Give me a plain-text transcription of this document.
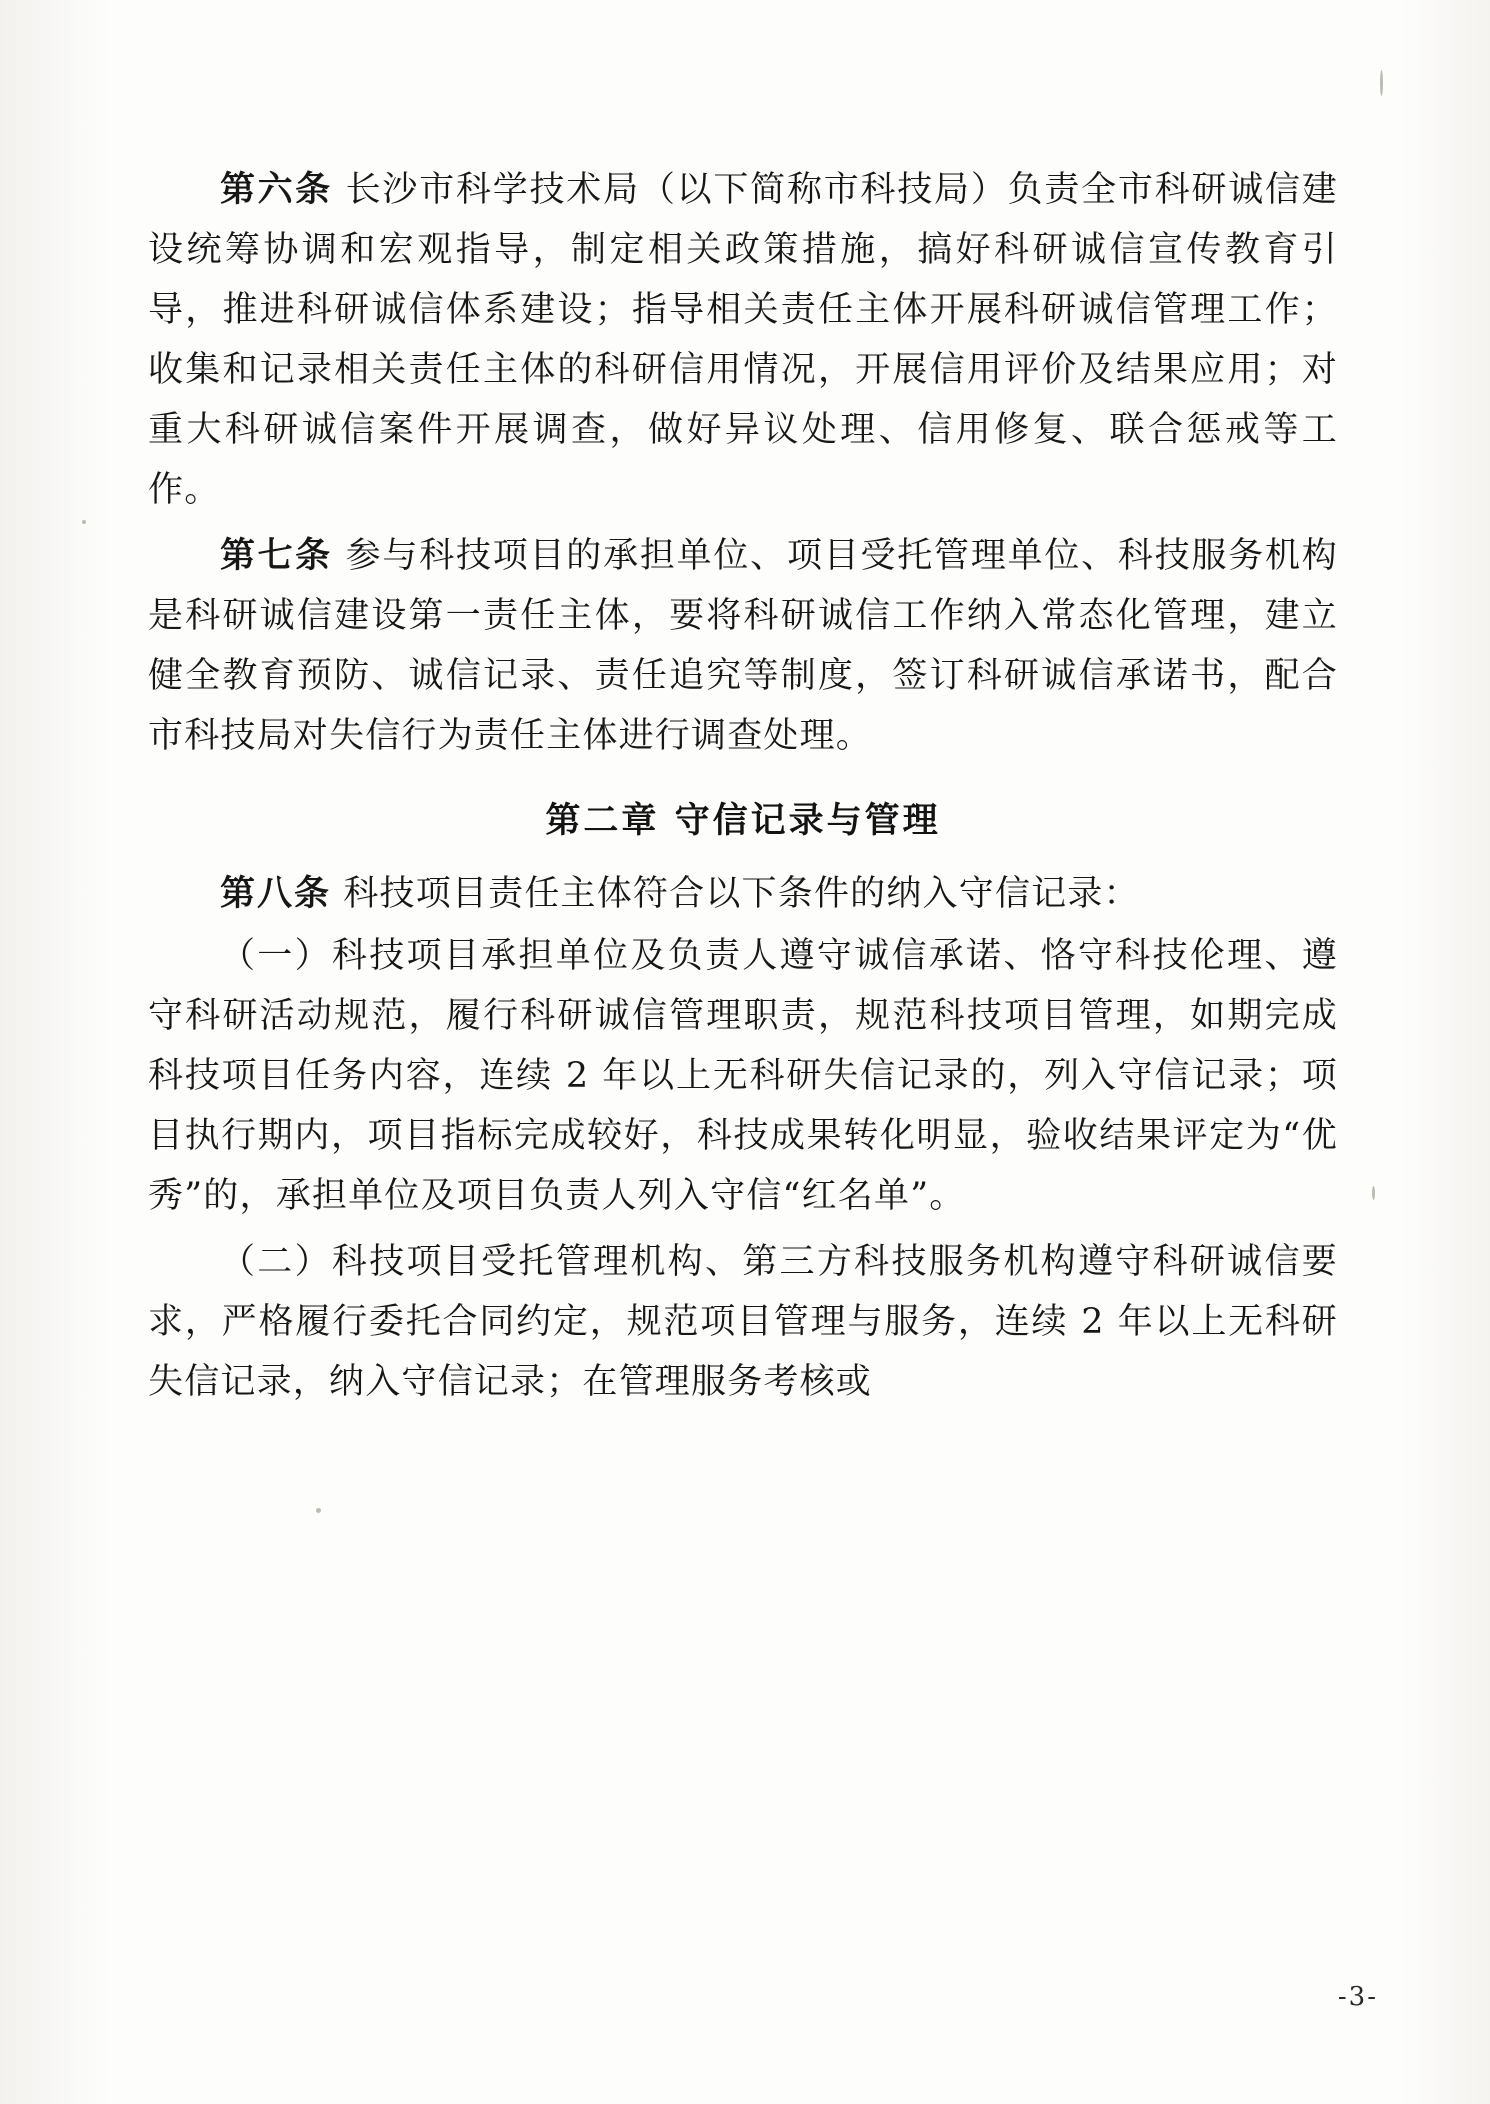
第六条 长沙市科学技术局（以下简称市科技局）负责全市科研诚信建设统筹协调和宏观指导，制定相关政策措施，搞好科研诚信宣传教育引导，推进科研诚信体系建设；指导相关责任主体开展科研诚信管理工作；收集和记录相关责任主体的科研信用情况，开展信用评价及结果应用；对重大科研诚信案件开展调查，做好异议处理、信用修复、联合惩戒等工作。

第七条 参与科技项目的承担单位、项目受托管理单位、科技服务机构是科研诚信建设第一责任主体，要将科研诚信工作纳入常态化管理，建立健全教育预防、诚信记录、责任追究等制度，签订科研诚信承诺书，配合市科技局对失信行为责任主体进行调查处理。

第二章 守信记录与管理

第八条 科技项目责任主体符合以下条件的纳入守信记录：

（一）科技项目承担单位及负责人遵守诚信承诺、恪守科技伦理、遵守科研活动规范，履行科研诚信管理职责，规范科技项目管理，如期完成科技项目任务内容，连续 2 年以上无科研失信记录的，列入守信记录；项目执行期内，项目指标完成较好，科技成果转化明显，验收结果评定为“优秀”的，承担单位及项目负责人列入守信“红名单”。

（二）科技项目受托管理机构、第三方科技服务机构遵守科研诚信要求，严格履行委托合同约定，规范项目管理与服务，连续 2 年以上无科研失信记录，纳入守信记录；在管理服务考核或

-3-
